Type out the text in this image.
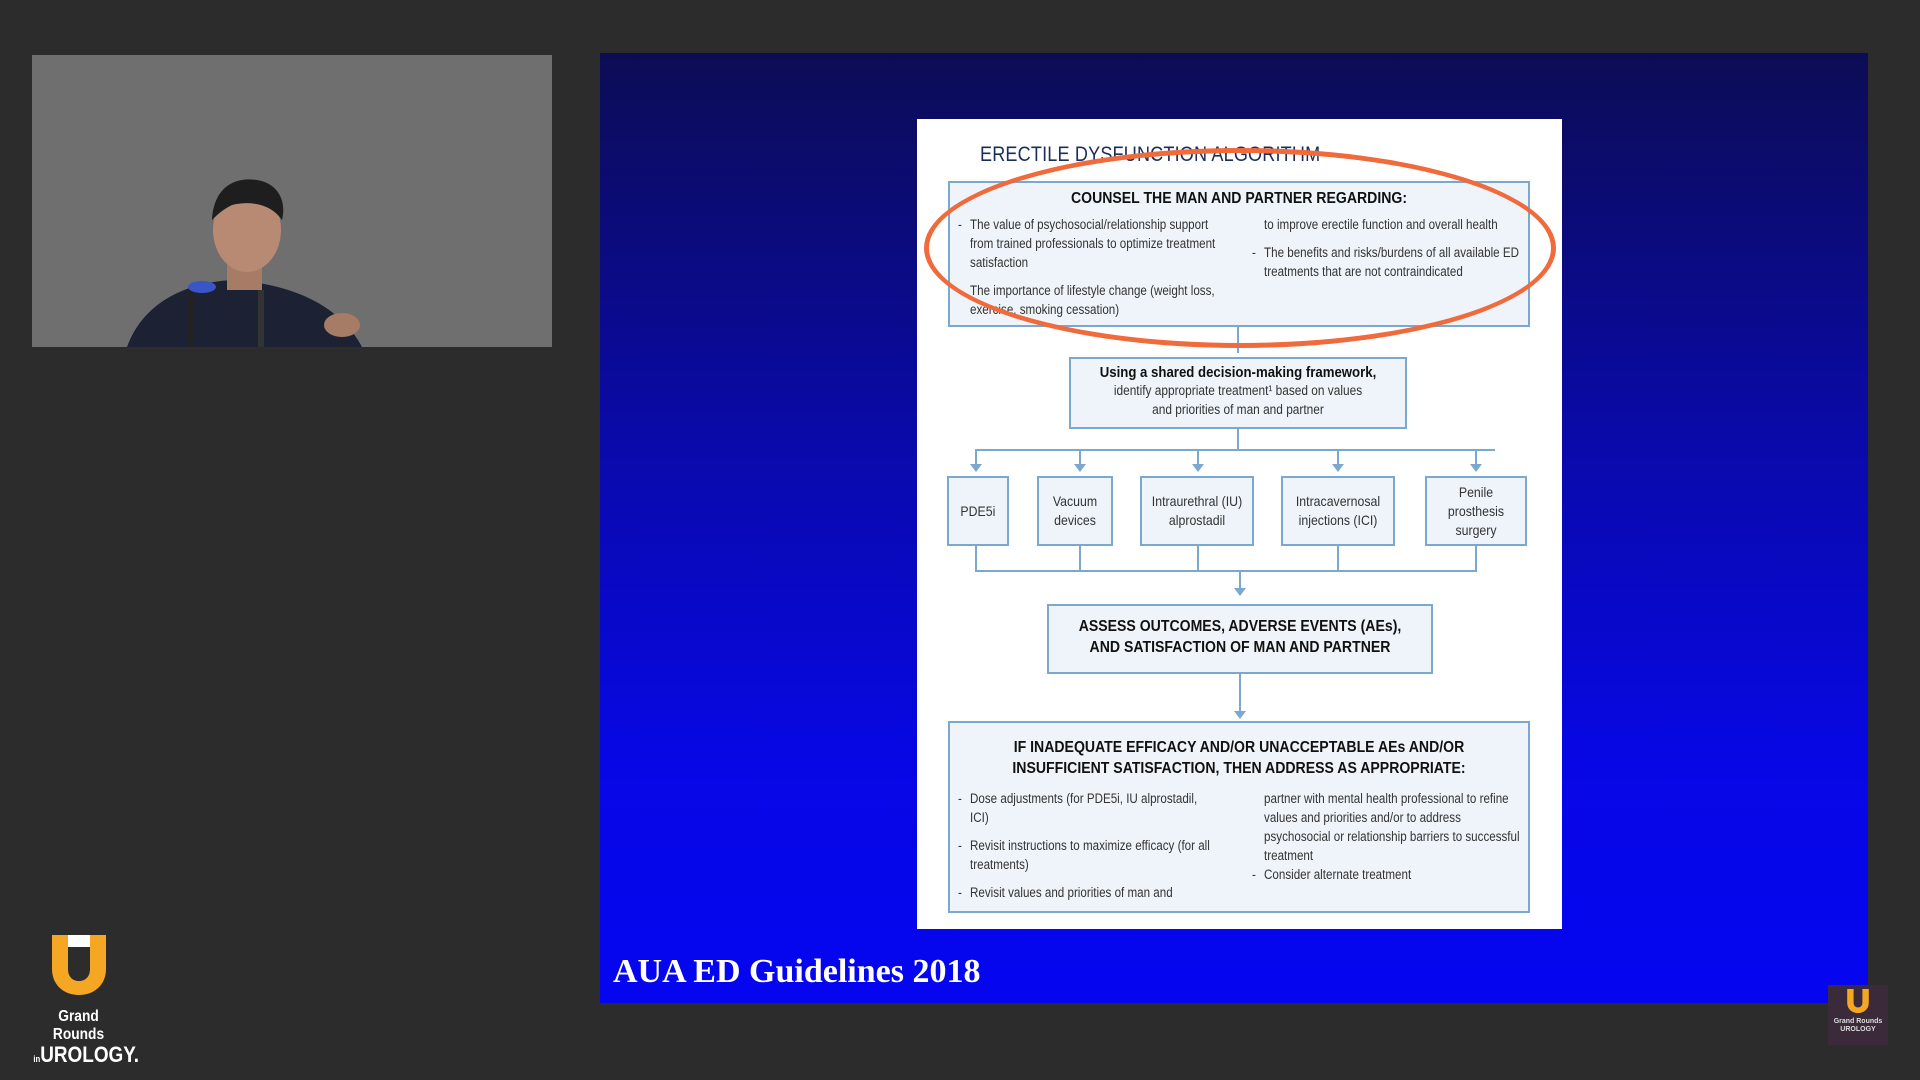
AUA ED Guidelines 2018
ERECTILE DYSFUNCTION ALGORITHM
COUNSEL THE MAN AND PARTNER REGARDING:
- The value of psychosocial/relationship support from trained professionals to optimize treatment satisfaction
- The importance of lifestyle change (weight loss, exercise, smoking cessation)
to improve erectile function and overall health
- The benefits and risks/burdens of all available ED treatments that are not contraindicated
Using a shared decision-making framework,
identify appropriate treatment¹ based on values and priorities of man and partner
PDE5i
Vacuum devices
Intraurethral (IU) alprostadil
Intracavernosal injections (ICI)
Penile prosthesis surgery
ASSESS OUTCOMES, ADVERSE EVENTS (AEs),
AND SATISFACTION OF MAN AND PARTNER
IF INADEQUATE EFFICACY AND/OR UNACCEPTABLE AEs AND/OR
INSUFFICIENT SATISFACTION, THEN ADDRESS AS APPROPRIATE:
- Dose adjustments (for PDE5i, IU alprostadil, ICI)
- Revisit instructions to maximize efficacy (for all treatments)
- Revisit values and priorities of man and
partner with mental health professional to refine values and priorities and/or to address psychosocial or relationship barriers to successful treatment
- Consider alternate treatment
Grand Rounds
inUROLOGY.
Grand Rounds
UROLOGY
